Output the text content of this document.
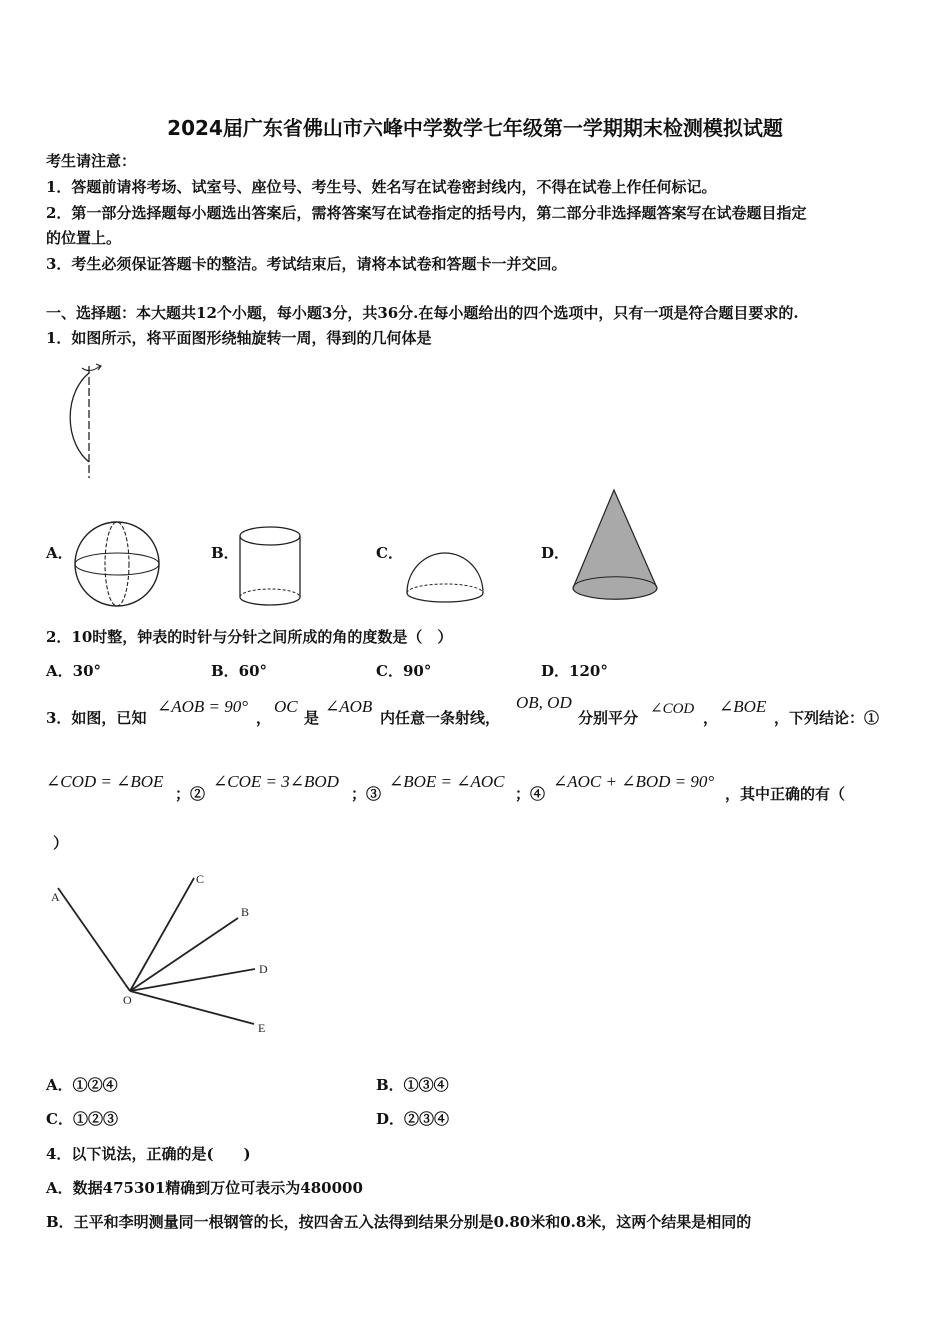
2024届广东省佛山市六峰中学数学七年级第一学期期末检测模拟试题
考生请注意：
1．答题前请将考场、试室号、座位号、考生号、姓名写在试卷密封线内，不得在试卷上作任何标记。
2．第一部分选择题每小题选出答案后，需将答案写在试卷指定的括号内，第二部分非选择题答案写在试卷题目指定
的位置上。
3．考生必须保证答题卡的整洁。考试结束后，请将本试卷和答题卡一并交回。
一、选择题：本大题共12个小题，每小题3分，共36分.在每小题给出的四个选项中，只有一项是符合题目要求的.
1．如图所示，将平面图形绕轴旋转一周，得到的几何体是
A．	B．	C．	D．
2．10时整，钟表的时针与分针之间所成的角的度数是（　）
A．30°	B．60°	C．90°	D．120°
3．如图，已知
∠AOB = 90°
，
OC
是
∠AOB
内任意一条射线，
OB, OD
分别平分 ∠COD ，
∠BOE
，下列结论：①
∠COD = ∠BOE
；②
∠COE = 3∠BOD
；③
∠BOE = ∠AOC
；④
∠AOC + ∠BOD = 90°
，其中正确的有（
）
A
C
B
D
O
E
A．①②④	B．①③④
C．①②③	D．②③④
4．以下说法，正确的是(　　)
A．数据475301精确到万位可表示为480000
B．王平和李明测量同一根钢管的长，按四舍五入法得到结果分别是0.80米和0.8米，这两个结果是相同的
